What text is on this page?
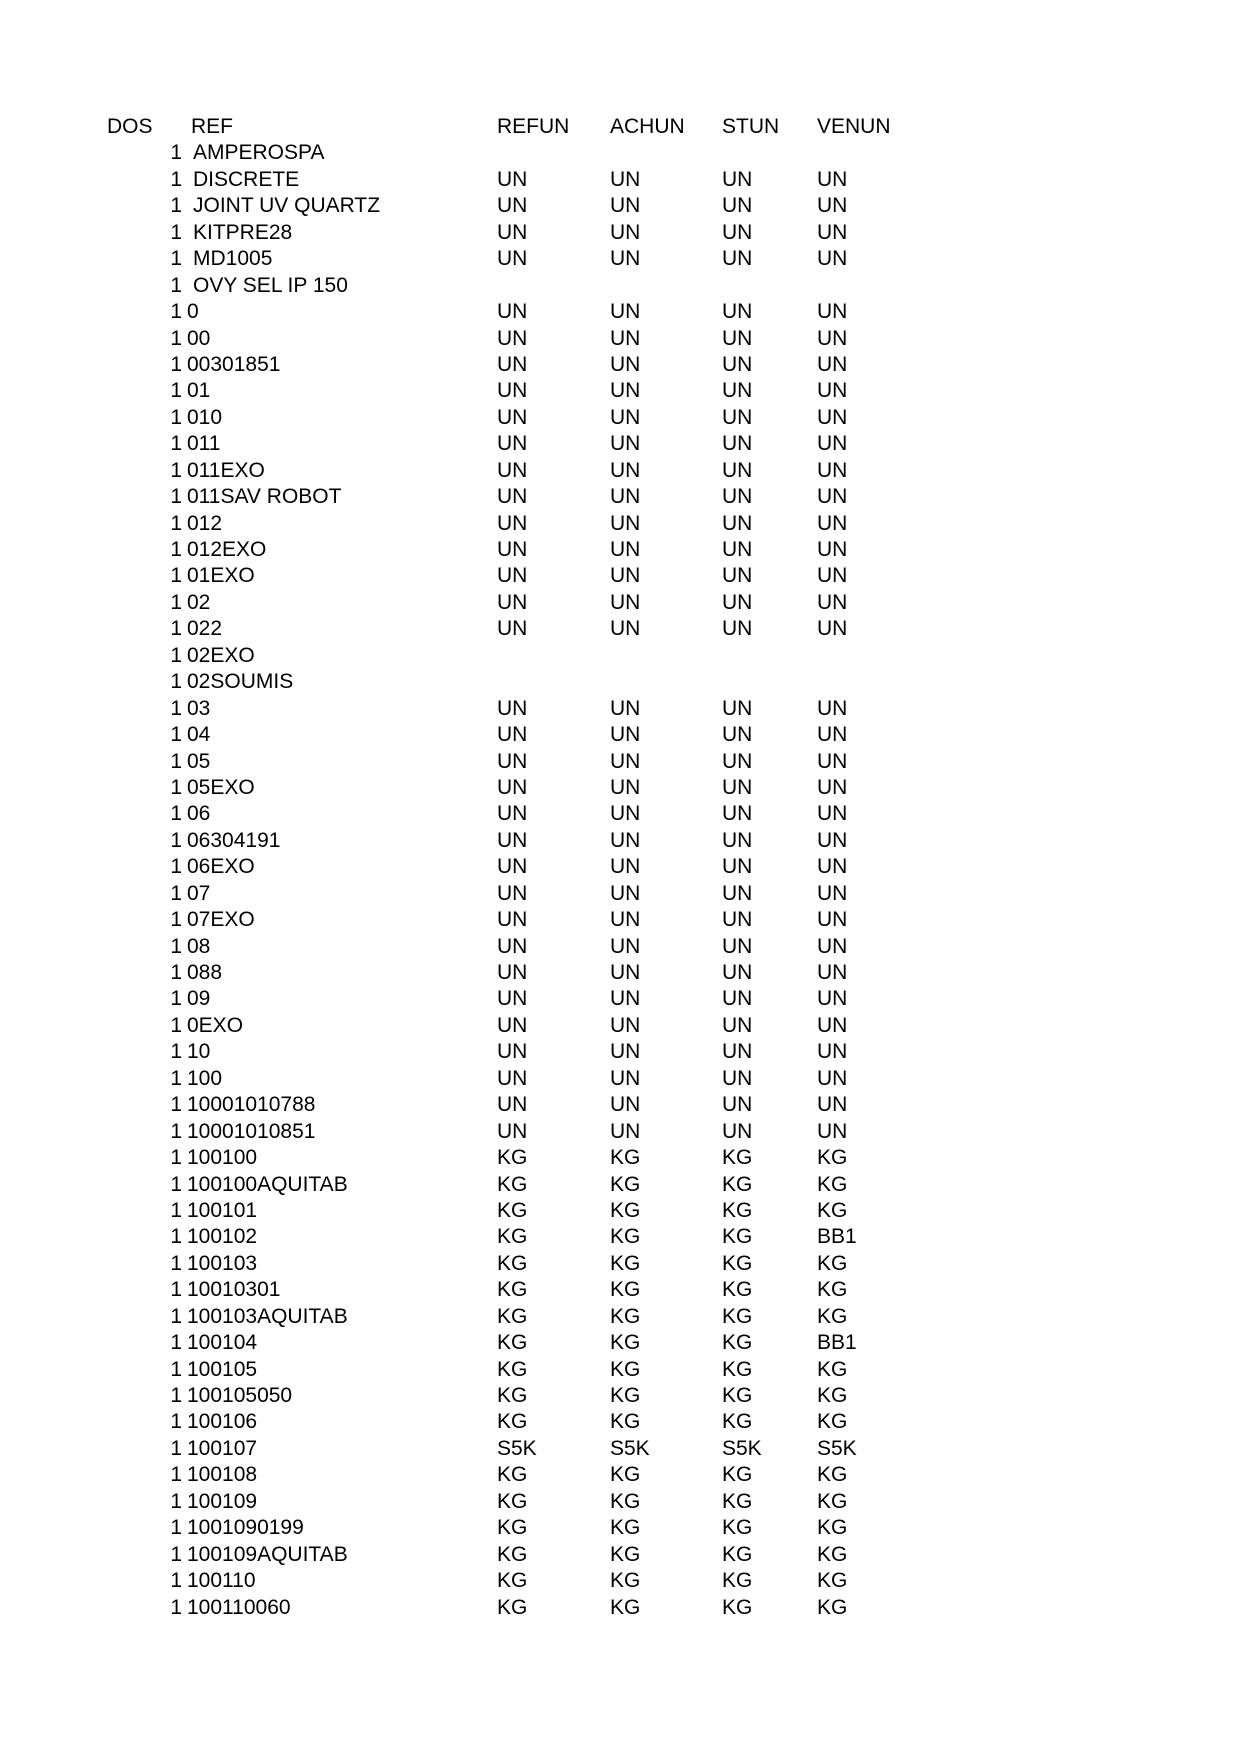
DOS REF	REFUN ACHUN STUN VENUN
1 AMPEROSPA
1 DISCRETE	UN	UN	UN	UN
1 JOINT UV QUARTZ	UN	UN	UN	UN
1 KITPRE28	UN	UN	UN	UN
1 MD1005	UN	UN	UN	UN
1 OVY SEL IP 150
1 0	UN	UN	UN	UN
1 00	UN	UN	UN	UN
1 00301851	UN	UN	UN	UN
1 01	UN	UN	UN	UN
1 010	UN	UN	UN	UN
1 011	UN	UN	UN	UN
1 011EXO	UN	UN	UN	UN
1 011SAV ROBOT	UN	UN	UN	UN
1 012	UN	UN	UN	UN
1 012EXO	UN	UN	UN	UN
1 01EXO	UN	UN	UN	UN
1 02	UN	UN	UN	UN
1 022	UN	UN	UN	UN
1 02EXO
1 02SOUMIS
1 03	UN	UN	UN	UN
1 04	UN	UN	UN	UN
1 05	UN	UN	UN	UN
1 05EXO	UN	UN	UN	UN
1 06	UN	UN	UN	UN
1 06304191	UN	UN	UN	UN
1 06EXO	UN	UN	UN	UN
1 07	UN	UN	UN	UN
1 07EXO	UN	UN	UN	UN
1 08	UN	UN	UN	UN
1 088	UN	UN	UN	UN
1 09	UN	UN	UN	UN
1 0EXO	UN	UN	UN	UN
1 10	UN	UN	UN	UN
1 100	UN	UN	UN	UN
1 10001010788	UN	UN	UN	UN
1 10001010851	UN	UN	UN	UN
1 100100	KG	KG	KG	KG
1 100100AQUITAB	KG	KG	KG	KG
1 100101	KG	KG	KG	KG
1 100102	KG	KG	KG	BB1
1 100103	KG	KG	KG	KG
1 10010301	KG	KG	KG	KG
1 100103AQUITAB	KG	KG	KG	KG
1 100104	KG	KG	KG	BB1
1 100105	KG	KG	KG	KG
1 100105050	KG	KG	KG	KG
1 100106	KG	KG	KG	KG
1 100107	S5K	S5K	S5K	S5K
1 100108	KG	KG	KG	KG
1 100109	KG	KG	KG	KG
1 1001090199	KG	KG	KG	KG
1 100109AQUITAB	KG	KG	KG	KG
1 100110	KG	KG	KG	KG
1 100110060	KG	KG	KG	KG
